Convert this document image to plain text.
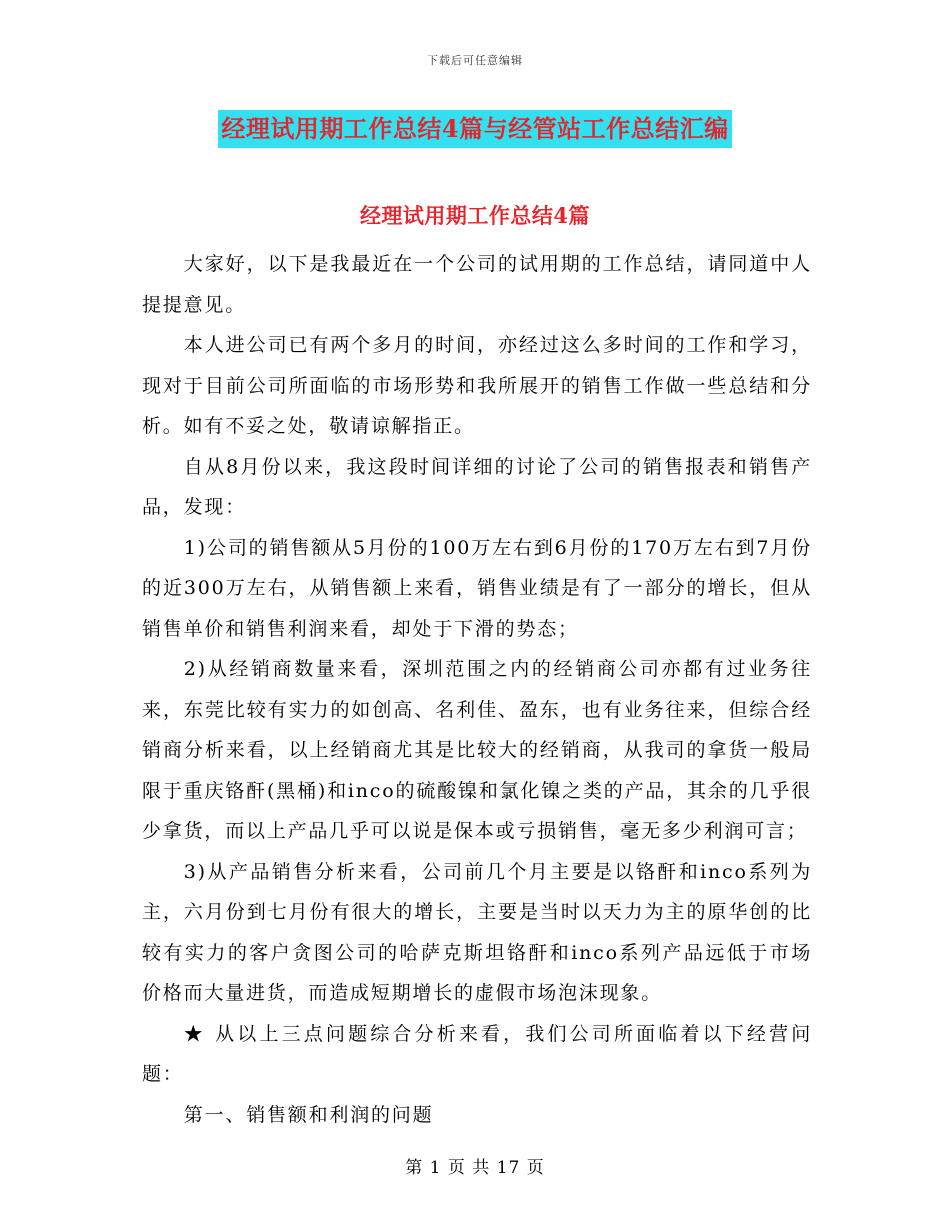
下载后可任意编辑
经理试用期工作总结4篇与经管站工作总结汇编
经理试用期工作总结4篇

大家好，以下是我最近在一个公司的试用期的工作总结，请同道中人提提意见。

本人进公司已有两个多月的时间，亦经过这么多时间的工作和学习，现对于目前公司所面临的市场形势和我所展开的销售工作做一些总结和分析。如有不妥之处，敬请谅解指正。

自从8月份以来，我这段时间详细的讨论了公司的销售报表和销售产品，发现：

1)公司的销售额从5月份的100万左右到6月份的170万左右到7月份的近300万左右，从销售额上来看，销售业绩是有了一部分的增长，但从销售单价和销售利润来看，却处于下滑的势态；

2)从经销商数量来看，深圳范围之内的经销商公司亦都有过业务往来，东莞比较有实力的如创高、名利佳、盈东，也有业务往来，但综合经销商分析来看，以上经销商尤其是比较大的经销商，从我司的拿货一般局限于重庆铬酐(黑桶)和inco的硫酸镍和氯化镍之类的产品，其余的几乎很少拿货，而以上产品几乎可以说是保本或亏损销售，毫无多少利润可言；

3)从产品销售分析来看，公司前几个月主要是以铬酐和inco系列为主，六月份到七月份有很大的增长，主要是当时以天力为主的原华创的比较有实力的客户贪图公司的哈萨克斯坦铬酐和inco系列产品远低于市场价格而大量进货，而造成短期增长的虚假市场泡沫现象。

★ 从以上三点问题综合分析来看，我们公司所面临着以下经营问题：

第一、销售额和利润的问题

第 1 页 共 17 页
